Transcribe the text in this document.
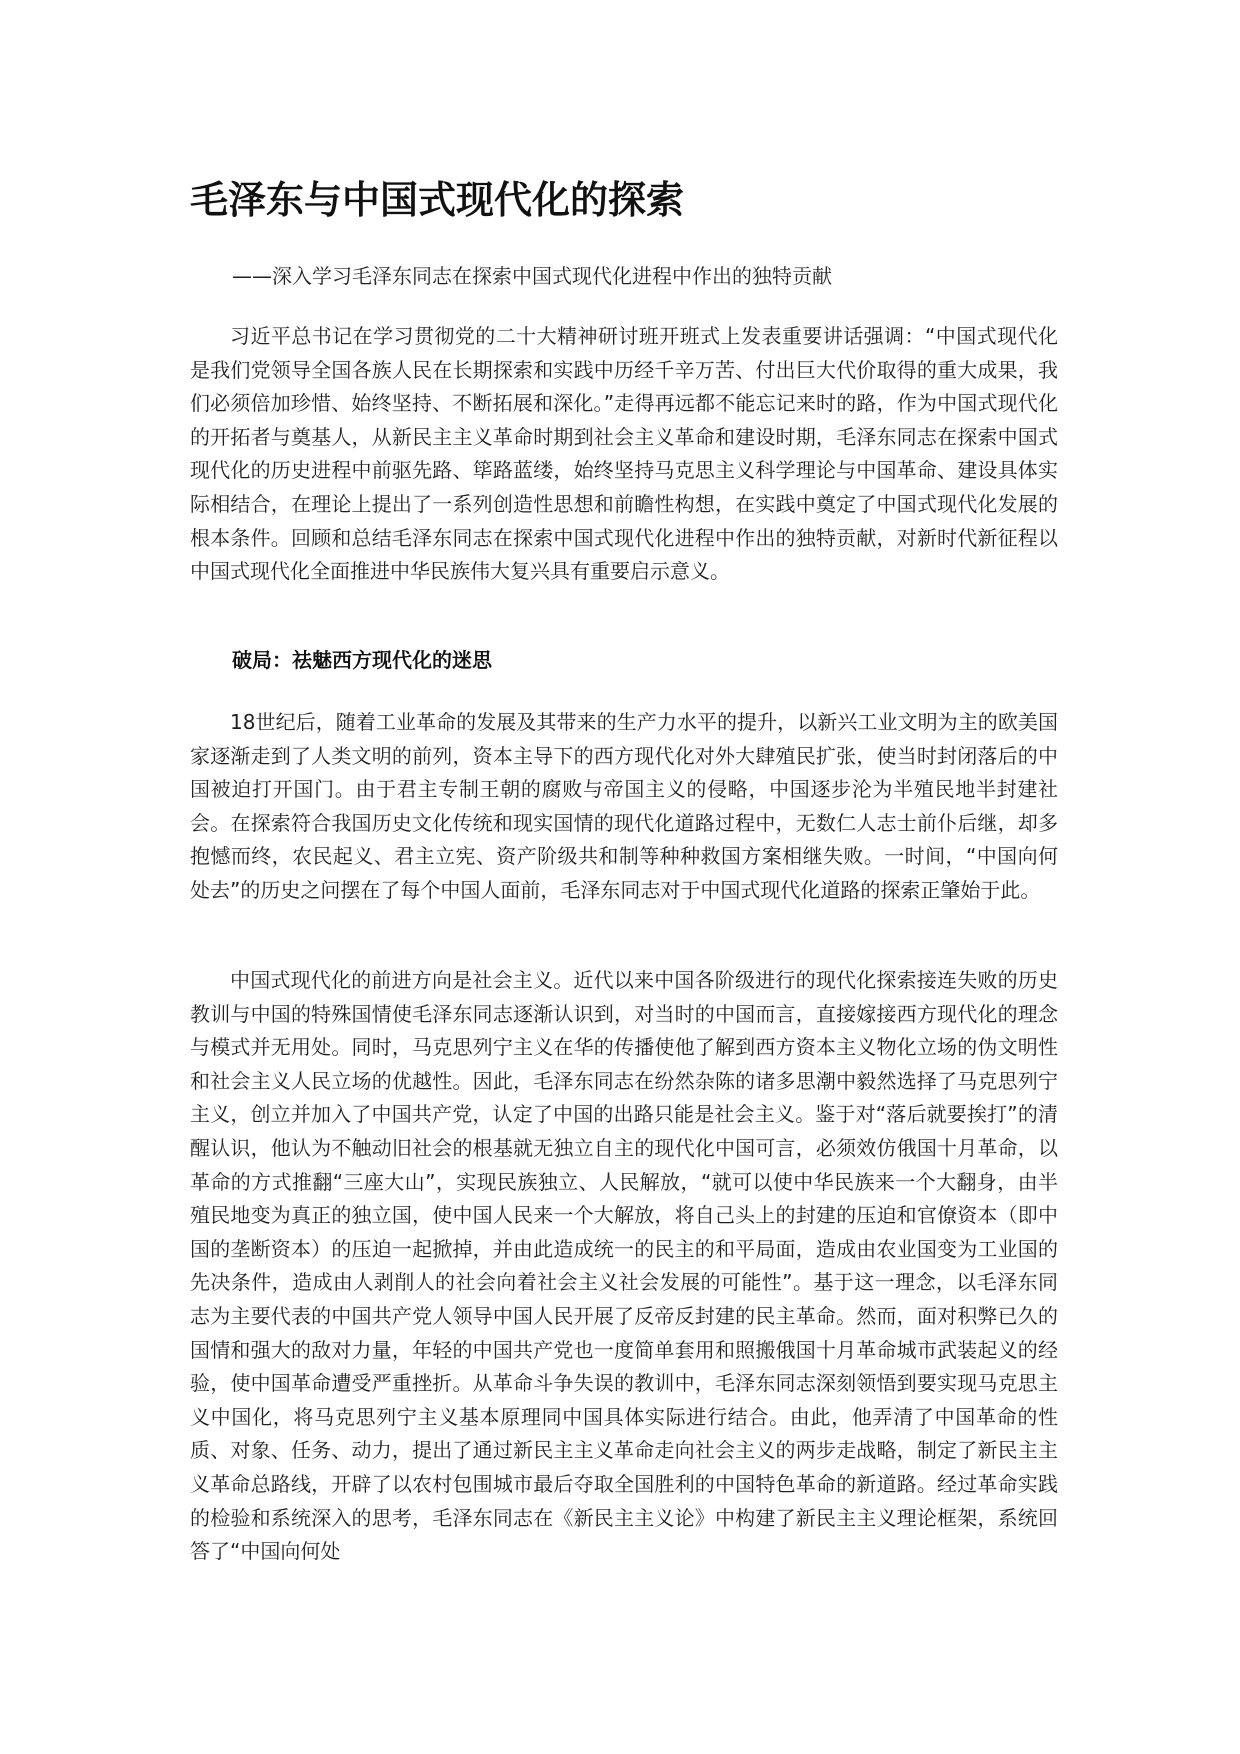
毛泽东与中国式现代化的探索

——深入学习毛泽东同志在探索中国式现代化进程中作出的独特贡献

习近平总书记在学习贯彻党的二十大精神研讨班开班式上发表重要讲话强调：“中国式现代化是我们党领导全国各族人民在长期探索和实践中历经千辛万苦、付出巨大代价取得的重大成果，我们必须倍加珍惜、始终坚持、不断拓展和深化。”走得再远都不能忘记来时的路，作为中国式现代化的开拓者与奠基人，从新民主主义革命时期到社会主义革命和建设时期，毛泽东同志在探索中国式现代化的历史进程中前驱先路、筚路蓝缕，始终坚持马克思主义科学理论与中国革命、建设具体实际相结合，在理论上提出了一系列创造性思想和前瞻性构想，在实践中奠定了中国式现代化发展的根本条件。回顾和总结毛泽东同志在探索中国式现代化进程中作出的独特贡献，对新时代新征程以中国式现代化全面推进中华民族伟大复兴具有重要启示意义。

破局：祛魅西方现代化的迷思

18世纪后，随着工业革命的发展及其带来的生产力水平的提升，以新兴工业文明为主的欧美国家逐渐走到了人类文明的前列，资本主导下的西方现代化对外大肆殖民扩张，使当时封闭落后的中国被迫打开国门。由于君主专制王朝的腐败与帝国主义的侵略，中国逐步沦为半殖民地半封建社会。在探索符合我国历史文化传统和现实国情的现代化道路过程中，无数仁人志士前仆后继，却多抱憾而终，农民起义、君主立宪、资产阶级共和制等种种救国方案相继失败。一时间，“中国向何处去”的历史之问摆在了每个中国人面前，毛泽东同志对于中国式现代化道路的探索正肇始于此。

中国式现代化的前进方向是社会主义。近代以来中国各阶级进行的现代化探索接连失败的历史教训与中国的特殊国情使毛泽东同志逐渐认识到，对当时的中国而言，直接嫁接西方现代化的理念与模式并无用处。同时，马克思列宁主义在华的传播使他了解到西方资本主义物化立场的伪文明性和社会主义人民立场的优越性。因此，毛泽东同志在纷然杂陈的诸多思潮中毅然选择了马克思列宁主义，创立并加入了中国共产党，认定了中国的出路只能是社会主义。鉴于对“落后就要挨打”的清醒认识，他认为不触动旧社会的根基就无独立自主的现代化中国可言，必须效仿俄国十月革命，以革命的方式推翻“三座大山”，实现民族独立、人民解放，“就可以使中华民族来一个大翻身，由半殖民地变为真正的独立国，使中国人民来一个大解放，将自己头上的封建的压迫和官僚资本（即中国的垄断资本）的压迫一起掀掉，并由此造成统一的民主的和平局面，造成由农业国变为工业国的先决条件，造成由人剥削人的社会向着社会主义社会发展的可能性”。基于这一理念，以毛泽东同志为主要代表的中国共产党人领导中国人民开展了反帝反封建的民主革命。然而，面对积弊已久的国情和强大的敌对力量，年轻的中国共产党也一度简单套用和照搬俄国十月革命城市武装起义的经验，使中国革命遭受严重挫折。从革命斗争失误的教训中，毛泽东同志深刻领悟到要实现马克思主义中国化，将马克思列宁主义基本原理同中国具体实际进行结合。由此，他弄清了中国革命的性质、对象、任务、动力，提出了通过新民主主义革命走向社会主义的两步走战略，制定了新民主主义革命总路线，开辟了以农村包围城市最后夺取全国胜利的中国特色革命的新道路。经过革命实践的检验和系统深入的思考，毛泽东同志在《新民主主义论》中构建了新民主主义理论框架，系统回答了“中国向何处
